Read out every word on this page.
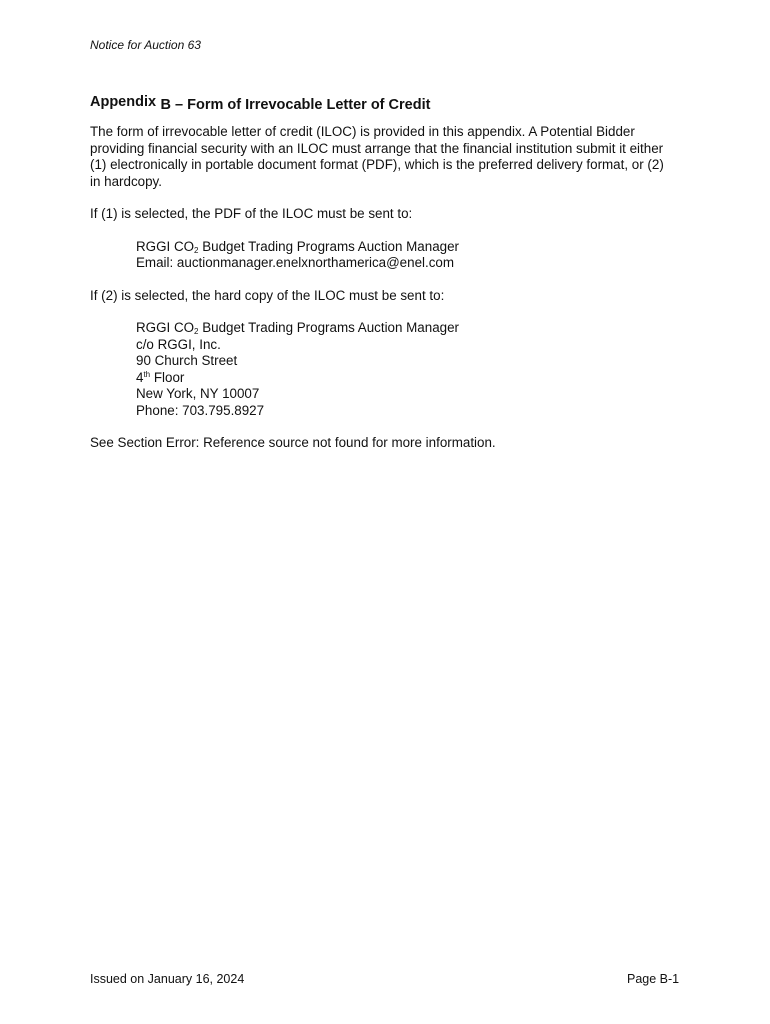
Notice for Auction 63
Appendix B – Form of Irrevocable Letter of Credit

The form of irrevocable letter of credit (ILOC) is provided in this appendix. A Potential Bidder providing financial security with an ILOC must arrange that the financial institution submit it either (1) electronically in portable document format (PDF), which is the preferred delivery format, or (2) in hardcopy.

If (1) is selected, the PDF of the ILOC must be sent to:

RGGI $CO_2$ Budget Trading Programs Auction Manager
Email: auctionmanager.enelxnorthamerica@enel.com

If (2) is selected, the hard copy of the ILOC must be sent to:

RGGI $CO_2$ Budget Trading Programs Auction Manager
c/o RGGI, Inc.
90 Church Street
4th Floor
New York, NY 10007
Phone: 703.795.8927

See Section Error: Reference source not found for more information.

Issued on January 16, 2024	Page B-1
